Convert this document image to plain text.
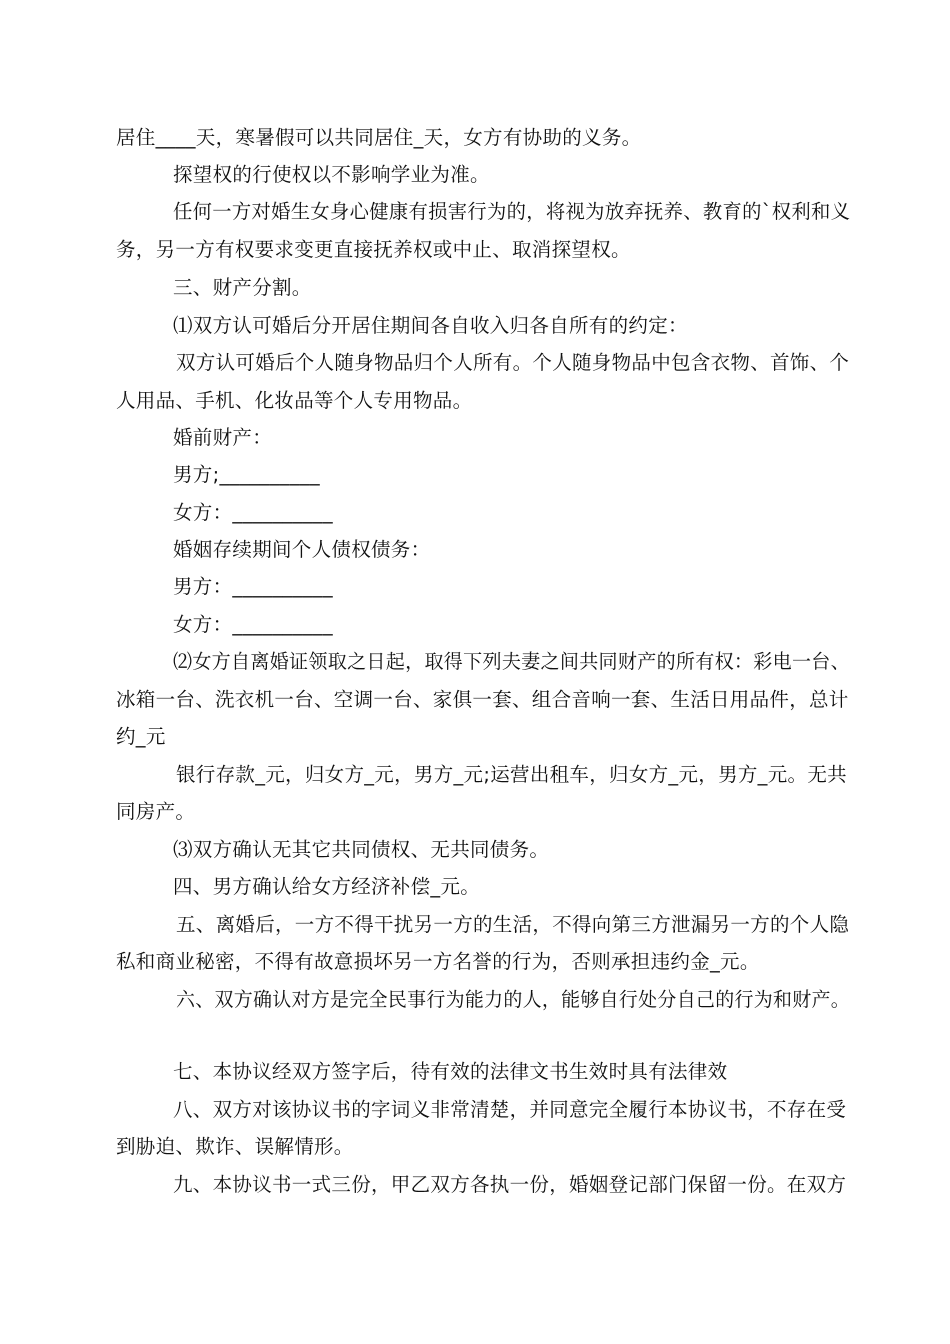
居住____天，寒暑假可以共同居住_天，女方有协助的义务。
探望权的行使权以不影响学业为准。
任何一方对婚生女身心健康有损害行为的，将视为放弃抚养、教育的`权利和义
务，另一方有权要求变更直接抚养权或中止、取消探望权。
三、财产分割。
⑴双方认可婚后分开居住期间各自收入归各自所有的约定：
双方认可婚后个人随身物品归个人所有。个人随身物品中包含衣物、首饰、个
人用品、手机、化妆品等个人专用物品。
婚前财产：
男方;__________
女方：__________
婚姻存续期间个人债权债务：
男方：__________
女方：__________
⑵女方自离婚证领取之日起，取得下列夫妻之间共同财产的所有权：彩电一台、
冰箱一台、洗衣机一台、空调一台、家俱一套、组合音响一套、生活日用品件，总计
约_元
银行存款_元，归女方_元，男方_元;运营出租车，归女方_元，男方_元。无共
同房产。
⑶双方确认无其它共同债权、无共同债务。
四、男方确认给女方经济补偿_元。
五、离婚后，一方不得干扰另一方的生活，不得向第三方泄漏另一方的个人隐
私和商业秘密，不得有故意损坏另一方名誉的行为，否则承担违约金_元。
六、双方确认对方是完全民事行为能力的人，能够自行处分自己的行为和财产。
七、本协议经双方签字后，待有效的法律文书生效时具有法律效
八、双方对该协议书的字词义非常清楚，并同意完全履行本协议书，不存在受
到胁迫、欺诈、误解情形。
九、本协议书一式三份，甲乙双方各执一份，婚姻登记部门保留一份。在双方
